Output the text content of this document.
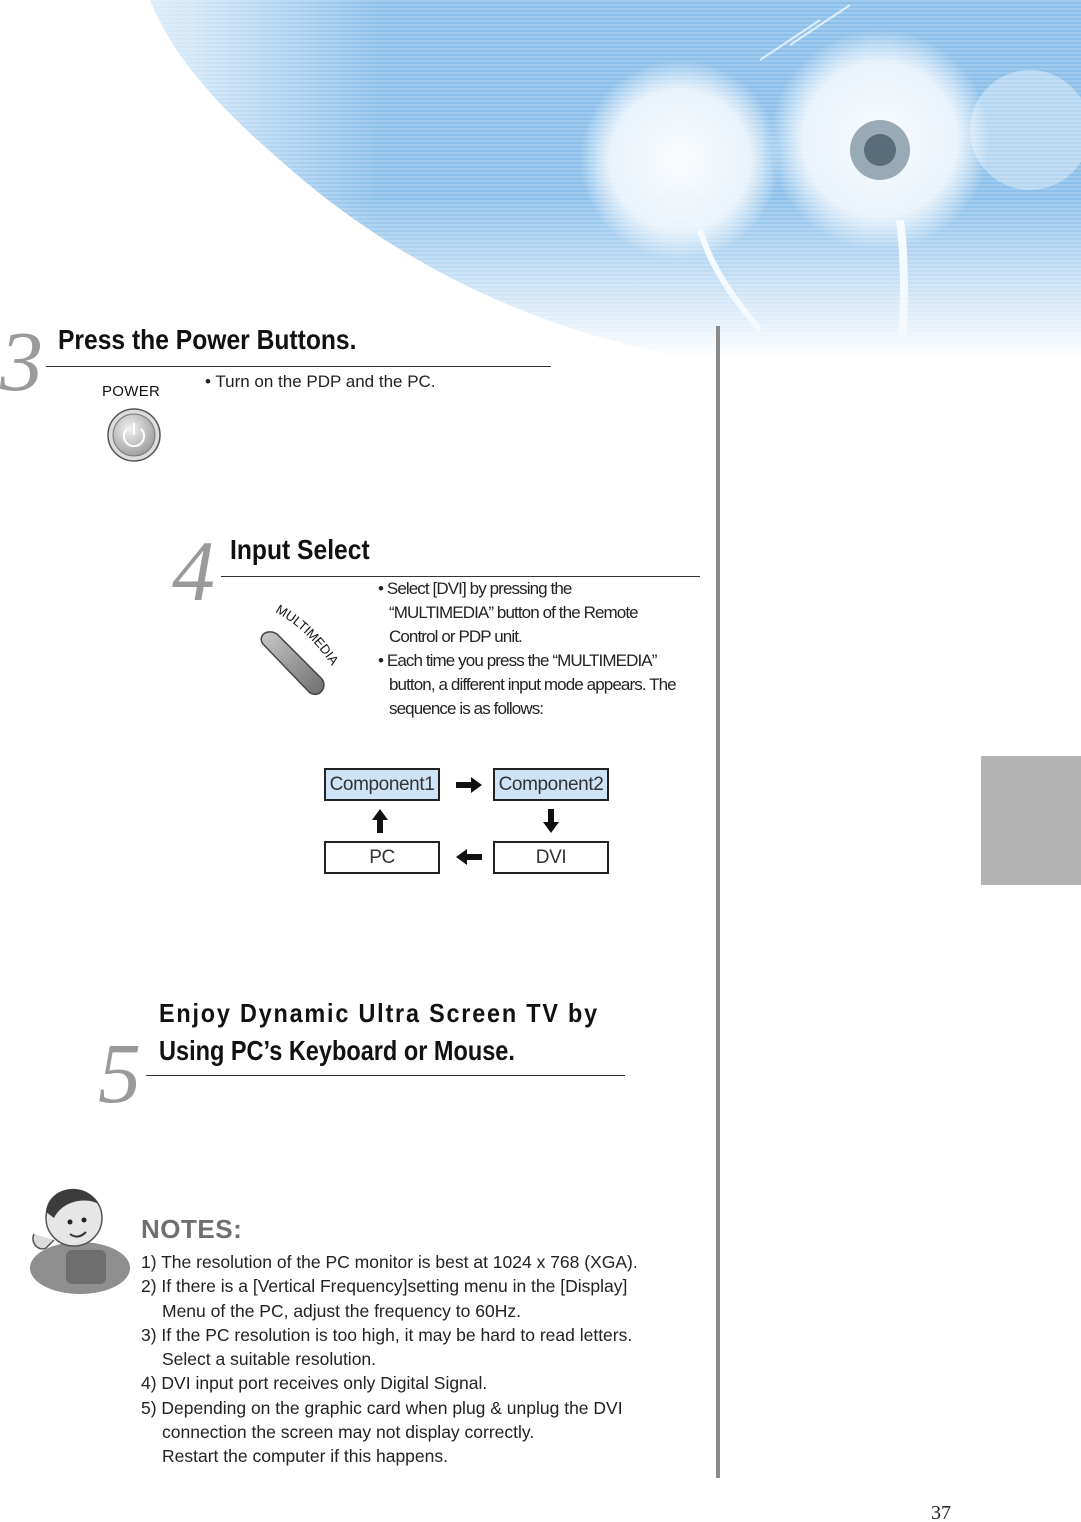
3 Press the Power Buttons.
POWER
• Turn on the PDP and the PC.
4 Input Select
MULTIMEDIA
• Select [DVI] by pressing the
“MULTIMEDIA” button of the Remote
Control or PDP unit.
• Each time you press the “MULTIMEDIA”
button, a different input mode appears. The
sequence is as follows:
Component1	Component2
PC	DVI
5
Enjoy Dynamic Ultra Screen TV by
Using PC’s Keyboard or Mouse.
NOTES:
1) The resolution of the PC monitor is best at 1024 x 768 (XGA).
2) If there is a [Vertical Frequency]setting menu in the [Display]
Menu of the PC, adjust the frequency to 60Hz.
3) If the PC resolution is too high, it may be hard to read letters.
Select a suitable resolution.
4) DVI input port receives only Digital Signal.
5) Depending on the graphic card when plug & unplug the DVI
connection the screen may not display correctly.
Restart the computer if this happens.
37
